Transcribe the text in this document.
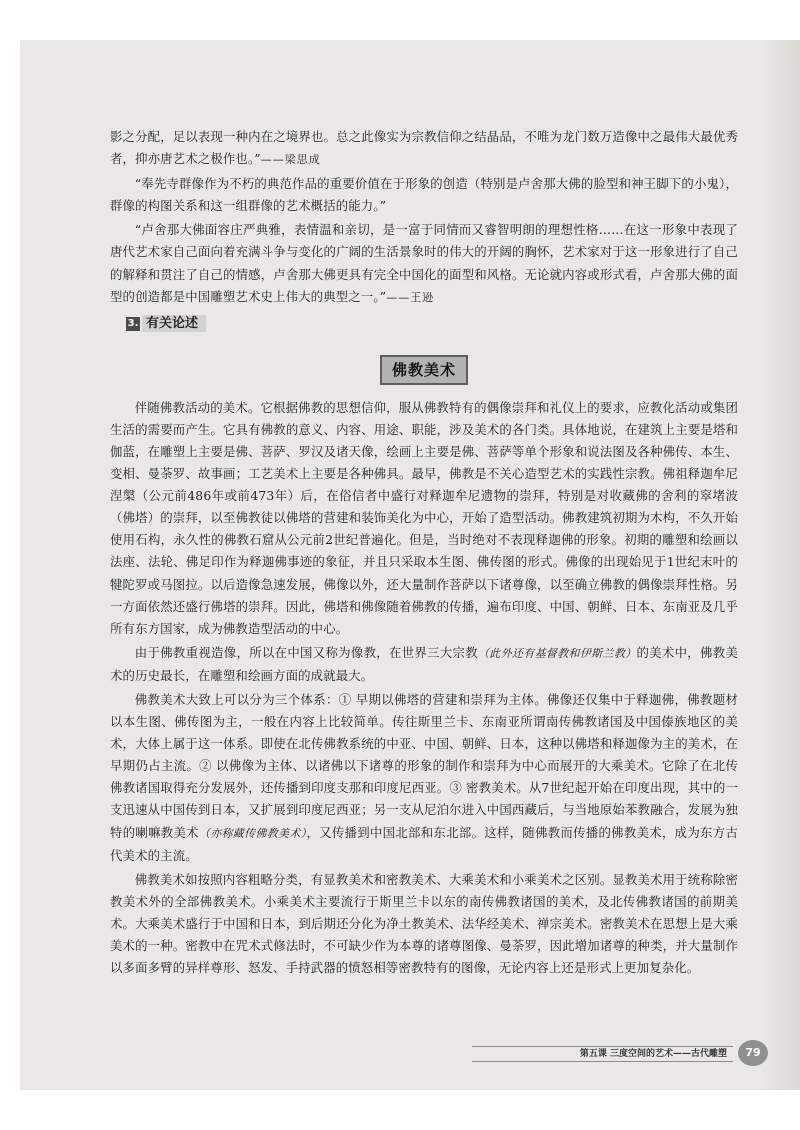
影之分配，足以表现一种内在之境界也。总之此像实为宗教信仰之结晶品，不唯为龙门数万造像中之最伟大最优秀者，抑亦唐艺术之极作也。”——梁思成

“奉先寺群像作为不朽的典范作品的重要价值在于形象的创造（特别是卢舍那大佛的脸型和神王脚下的小鬼），群像的构图关系和这一组群像的艺术概括的能力。”

“卢舍那大佛面容庄严典雅，表情温和亲切，是一富于同情而又睿智明朗的理想性格……在这一形象中表现了唐代艺术家自己面向着充满斗争与变化的广阔的生活景象时的伟大的开阔的胸怀，艺术家对于这一形象进行了自己的解释和贯注了自己的情感，卢舍那大佛更具有完全中国化的面型和风格。无论就内容或形式看，卢舍那大佛的面型的创造都是中国雕塑艺术史上伟大的典型之一。”——王逊

3. 有关论述
佛教美术

伴随佛教活动的美术。它根据佛教的思想信仰，服从佛教特有的偶像崇拜和礼仪上的要求，应教化活动或集团生活的需要而产生。它具有佛教的意义、内容、用途、职能，涉及美术的各门类。具体地说，在建筑上主要是塔和伽蓝，在雕塑上主要是佛、菩萨、罗汉及诸天像，绘画上主要是佛、菩萨等单个形象和说法图及各种佛传、本生、变相、曼荼罗、故事画；工艺美术上主要是各种佛具。最早，佛教是不关心造型艺术的实践性宗教。佛祖释迦牟尼涅槃（公元前486年或前473年）后，在俗信者中盛行对释迦牟尼遗物的崇拜，特别是对收藏佛的舍利的窣堵波（佛塔）的崇拜，以至佛教徒以佛塔的营建和装饰美化为中心，开始了造型活动。佛教建筑初期为木构，不久开始使用石构，永久性的佛教石窟从公元前2世纪普遍化。但是，当时绝对不表现释迦佛的形象。初期的雕塑和绘画以法座、法轮、佛足印作为释迦佛事迹的象征，并且只采取本生图、佛传图的形式。佛像的出现始见于1世纪末叶的犍陀罗或马图拉。以后造像急速发展，佛像以外，还大量制作菩萨以下诸尊像，以至确立佛教的偶像崇拜性格。另一方面依然还盛行佛塔的崇拜。因此，佛塔和佛像随着佛教的传播，遍布印度、中国、朝鲜、日本、东南亚及几乎所有东方国家，成为佛教造型活动的中心。

由于佛教重视造像，所以在中国又称为像教，在世界三大宗教（此外还有基督教和伊斯兰教）的美术中，佛教美术的历史最长，在雕塑和绘画方面的成就最大。

佛教美术大致上可以分为三个体系：① 早期以佛塔的营建和崇拜为主体。佛像还仅集中于释迦佛，佛教题材以本生图、佛传图为主，一般在内容上比较简单。传往斯里兰卡、东南亚所谓南传佛教诸国及中国傣族地区的美术，大体上属于这一体系。即使在北传佛教系统的中亚、中国、朝鲜、日本，这种以佛塔和释迦像为主的美术，在早期仍占主流。② 以佛像为主体、以诸佛以下诸尊的形象的制作和崇拜为中心而展开的大乘美术。它除了在北传佛教诸国取得充分发展外，还传播到印度支那和印度尼西亚。③ 密教美术。从7世纪起开始在印度出现，其中的一支迅速从中国传到日本，又扩展到印度尼西亚；另一支从尼泊尔进入中国西藏后，与当地原始苯教融合，发展为独特的喇嘛教美术（亦称藏传佛教美术），又传播到中国北部和东北部。这样，随佛教而传播的佛教美术，成为东方古代美术的主流。

佛教美术如按照内容粗略分类，有显教美术和密教美术、大乘美术和小乘美术之区别。显教美术用于统称除密教美术外的全部佛教美术。小乘美术主要流行于斯里兰卡以东的南传佛教诸国的美术，及北传佛教诸国的前期美术。大乘美术盛行于中国和日本，到后期还分化为净土教美术、法华经美术、禅宗美术。密教美术在思想上是大乘美术的一种。密教中在咒术式修法时，不可缺少作为本尊的诸尊图像、曼荼罗，因此增加诸尊的种类，并大量制作以多面多臂的异样尊形、怒发、手持武器的愤怒相等密教特有的图像，无论内容上还是形式上更加复杂化。

第五课 三度空间的艺术——古代雕塑	79
